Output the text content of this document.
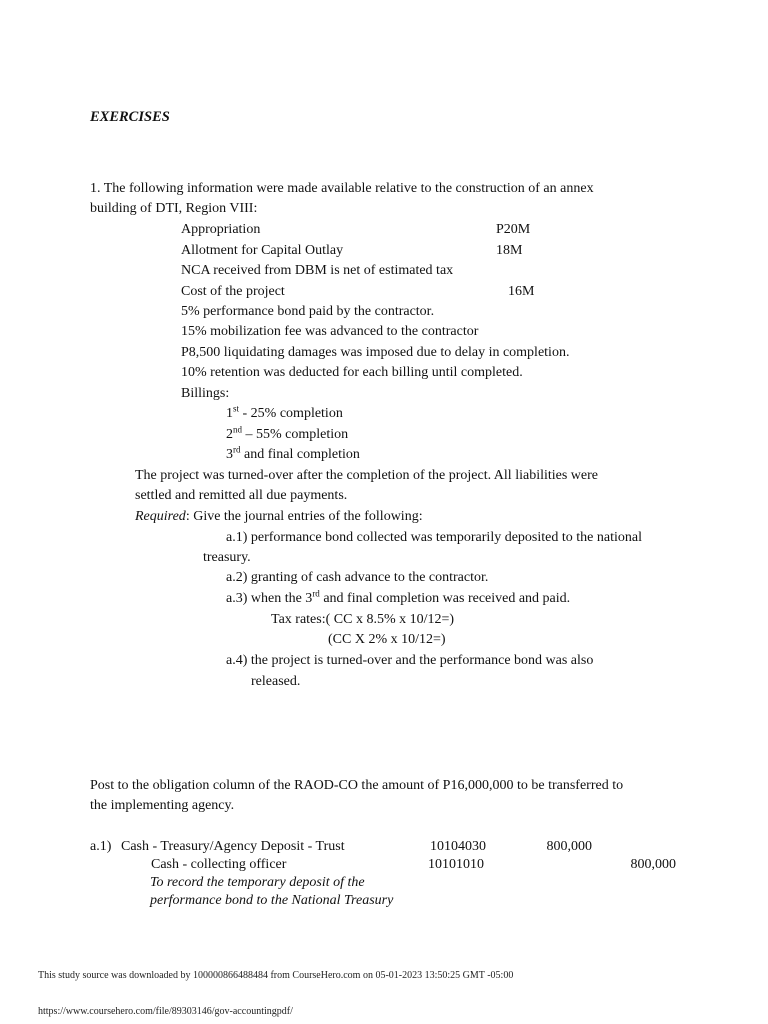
EXERCISES
1. The following information were made available relative to the construction of an annex
building of DTI, Region VIII:
Appropriation	P20M
Allotment for Capital Outlay	18M
NCA received from DBM is net of estimated tax
Cost of the project	16M
5% performance bond paid by the contractor.
15% mobilization fee was advanced to the contractor
P8,500 liquidating damages was imposed due to delay in completion.
10% retention was deducted for each billing until completed.
Billings:
1st - 25% completion
2nd – 55% completion
3rd and final completion
The project was turned-over after the completion of the project. All liabilities were
settled and remitted all due payments.
Required: Give the journal entries of the following:
a.1) performance bond collected was temporarily deposited to the national
treasury.
a.2) granting of cash advance to the contractor.
a.3) when the 3rd and final completion was received and paid.
Tax rates:( CC x 8.5% x 10/12=)
(CC X 2% x 10/12=)
a.4) the project is turned-over and the performance bond was also
released.
Post to the obligation column of the RAOD-CO the amount of P16,000,000 to be transferred to
the implementing agency.
a.1) Cash - Treasury/Agency Deposit - Trust	10104030	800,000
Cash - collecting officer	10101010	800,000
To record the temporary deposit of the
performance bond to the National Treasury
This study source was downloaded by 100000866488484 from CourseHero.com on 05-01-2023 13:50:25 GMT -05:00
https://www.coursehero.com/file/89303146/gov-accountingpdf/
